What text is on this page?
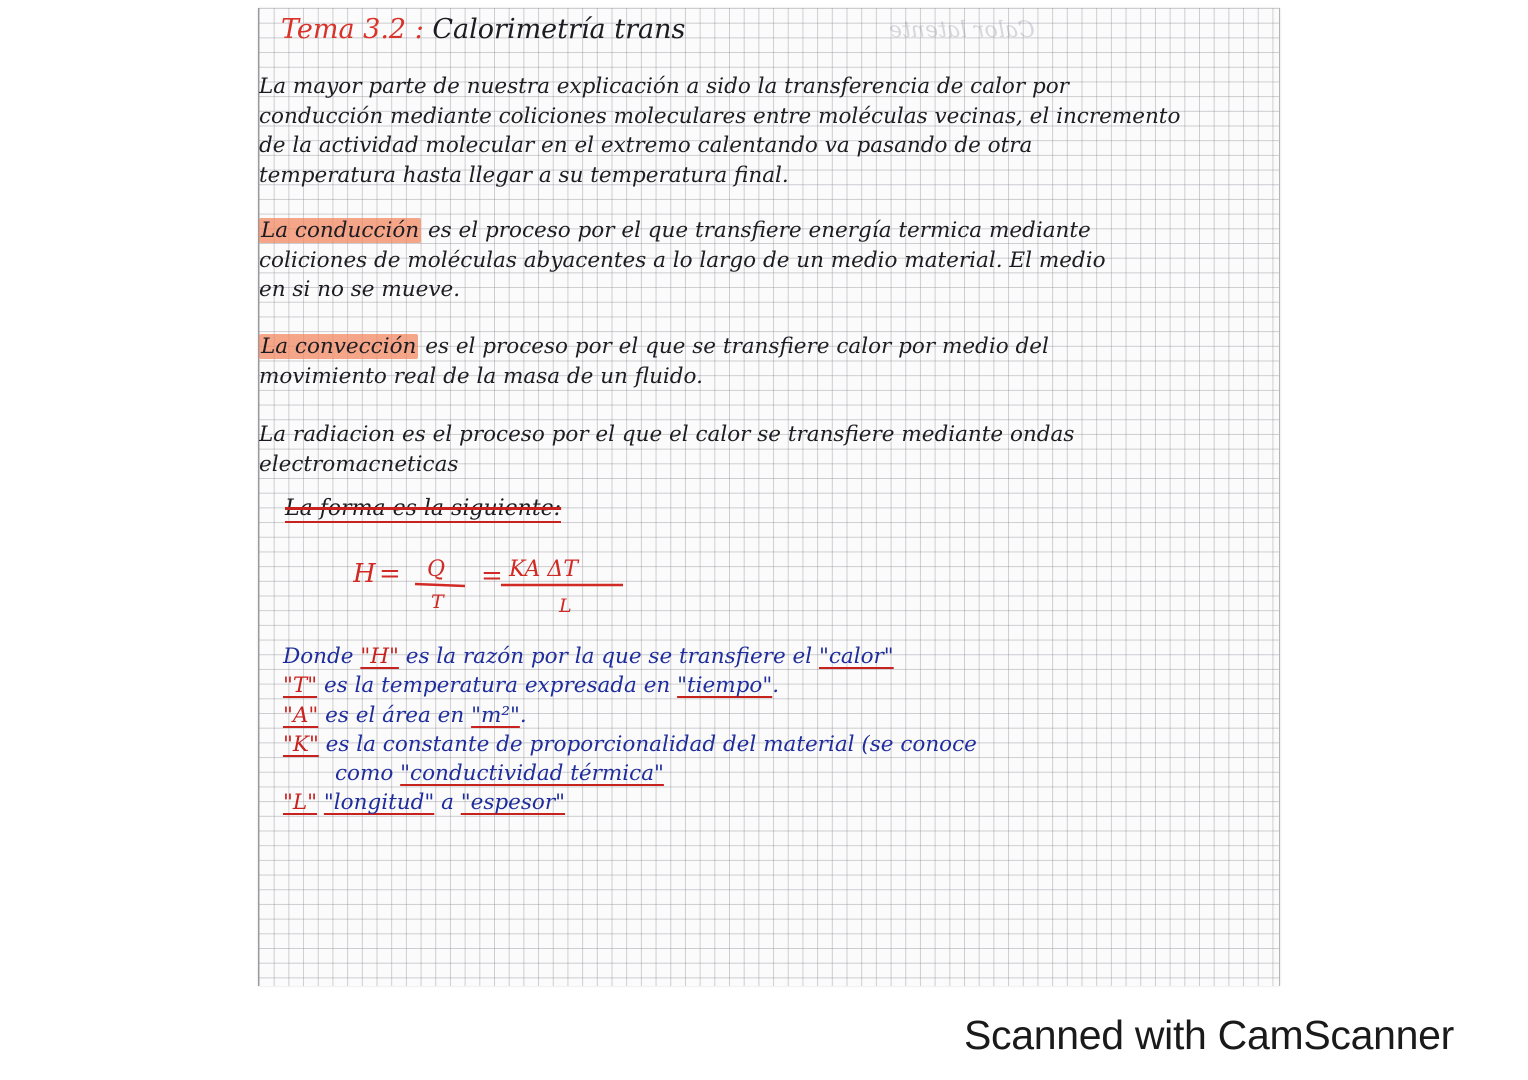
Calor latente
Tema 3.2 : Calorimetría trans
La mayor parte de nuestra explicación a sido la transferencia de calor por
conducción mediante coliciones moleculares entre moléculas vecinas, el incremento
de la actividad molecular en el extremo calentando va pasando de otra
temperatura hasta llegar a su temperatura final.
La conducción es el proceso por el que transfiere energía termica mediante
coliciones de moléculas abyacentes a lo largo de un medio material. El medio
en si no se mueve.
La convección es el proceso por el que se transfiere calor por medio del
movimiento real de la masa de un fluido.
La radiacion es el proceso por el que el calor se transfiere mediante ondas
electromacneticas
La forma es la siguiente:
H = Q
T
= KA ΔT
L
Donde "H" es la razón por la que se transfiere el "calor"
"T" es la temperatura expresada en "tiempo".
"A" es el área en "m²".
"K" es la constante de proporcionalidad del material (se conoce
como "conductividad térmica"
"L" "longitud" a "espesor"
Scanned with CamScanner
